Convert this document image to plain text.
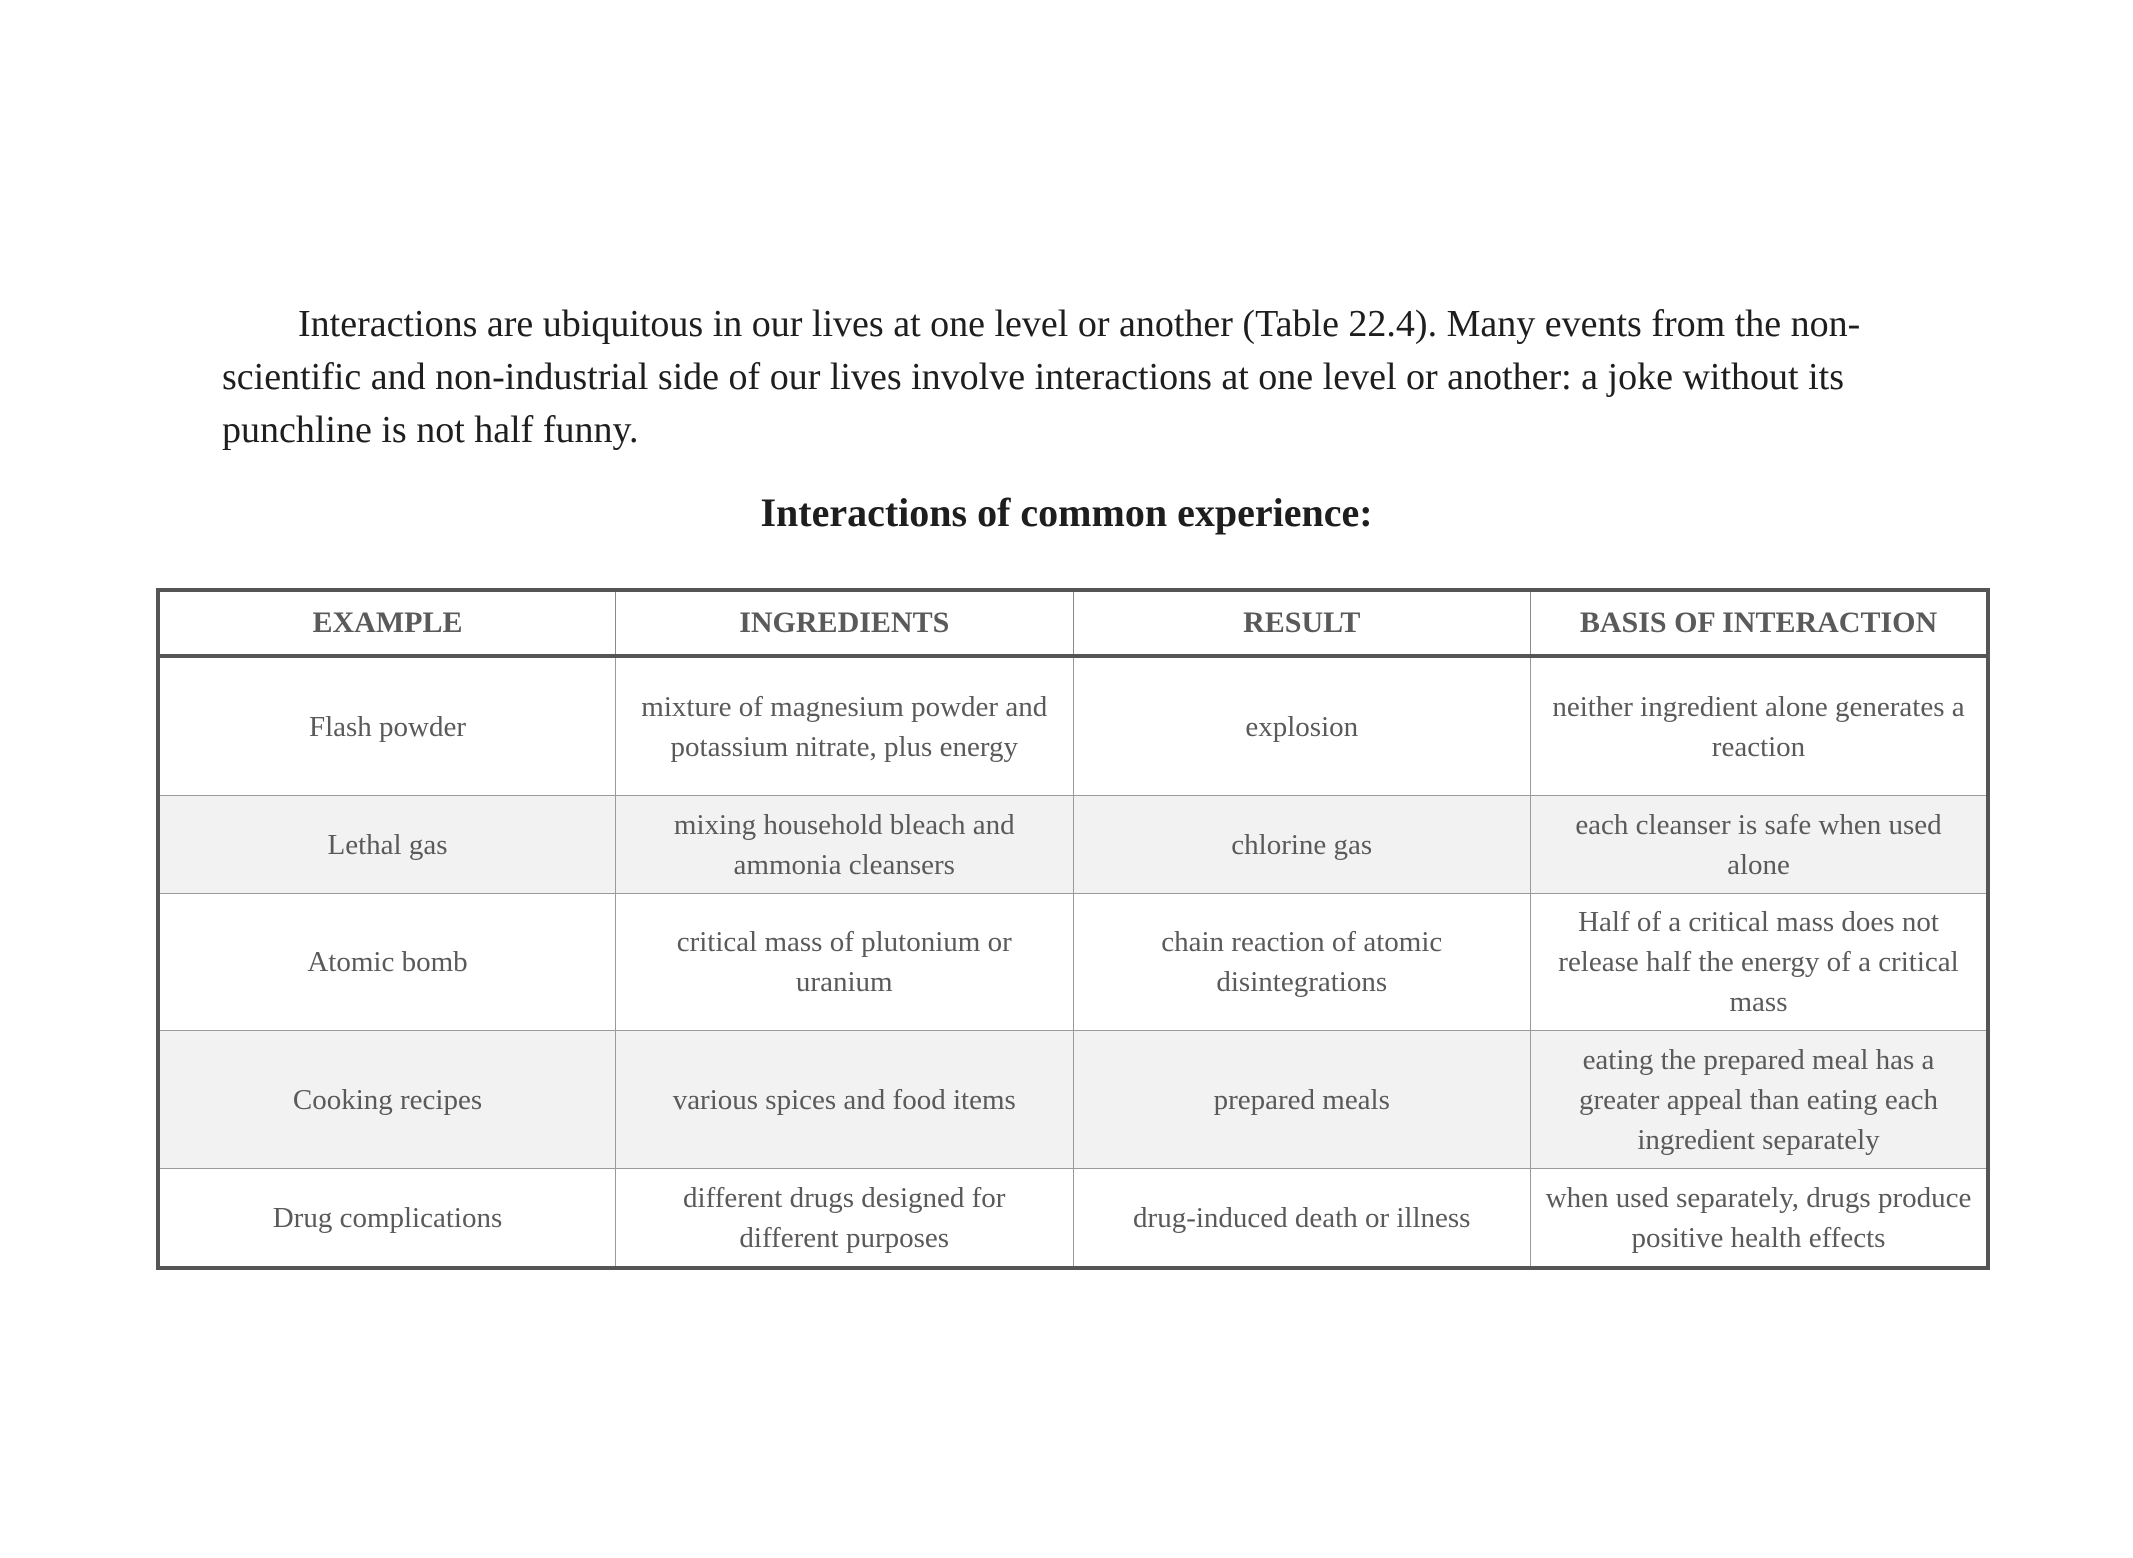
Interactions are ubiquitous in our lives at one level or another (Table 22.4). Many events from the non-scientific and non-industrial side of our lives involve interactions at one level or another: a joke without its punchline is not half funny.

Interactions of common experience:
EXAMPLE	INGREDIENTS	RESULT	BASIS OF INTERACTION
Flash powder	mixture of magnesium powder and potassium nitrate, plus energy	explosion	neither ingredient alone generates a reaction
Lethal gas	mixing household bleach and ammonia cleansers	chlorine gas	each cleanser is safe when used alone
Atomic bomb	critical mass of plutonium or uranium	chain reaction of atomic disintegrations	Half of a critical mass does not release half the energy of a critical mass
Cooking recipes	various spices and food items	prepared meals	eating the prepared meal has a greater appeal than eating each ingredient separately
Drug complications	different drugs designed for different purposes	drug-induced death or illness	when used separately, drugs produce positive health effects
